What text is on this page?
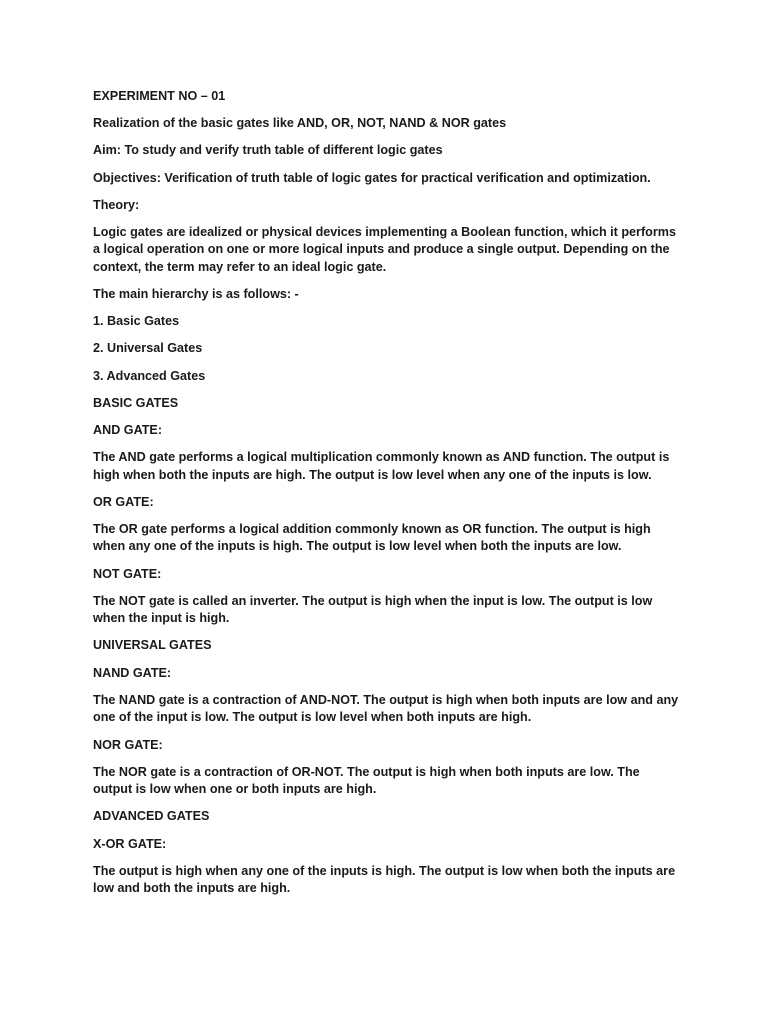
EXPERIMENT NO – 01

Realization of the basic gates like AND, OR, NOT, NAND & NOR gates

Aim: To study and verify truth table of different logic gates

Objectives: Verification of truth table of logic gates for practical verification and optimization.

Theory:

Logic gates are idealized or physical devices implementing a Boolean function, which it performs a logical operation on one or more logical inputs and produce a single output. Depending on the context, the term may refer to an ideal logic gate.

The main hierarchy is as follows: -

1. Basic Gates

2. Universal Gates

3. Advanced Gates

BASIC GATES

AND GATE:

The AND gate performs a logical multiplication commonly known as AND function. The output is high when both the inputs are high. The output is low level when any one of the inputs is low.

OR GATE:

The OR gate performs a logical addition commonly known as OR function. The output is high when any one of the inputs is high. The output is low level when both the inputs are low.

NOT GATE:

The NOT gate is called an inverter. The output is high when the input is low. The output is low when the input is high.

UNIVERSAL GATES

NAND GATE:

The NAND gate is a contraction of AND-NOT. The output is high when both inputs are low and any one of the input is low. The output is low level when both inputs are high.

NOR GATE:

The NOR gate is a contraction of OR-NOT. The output is high when both inputs are low. The output is low when one or both inputs are high.

ADVANCED GATES

X-OR GATE:

The output is high when any one of the inputs is high. The output is low when both the inputs are low and both the inputs are high.
